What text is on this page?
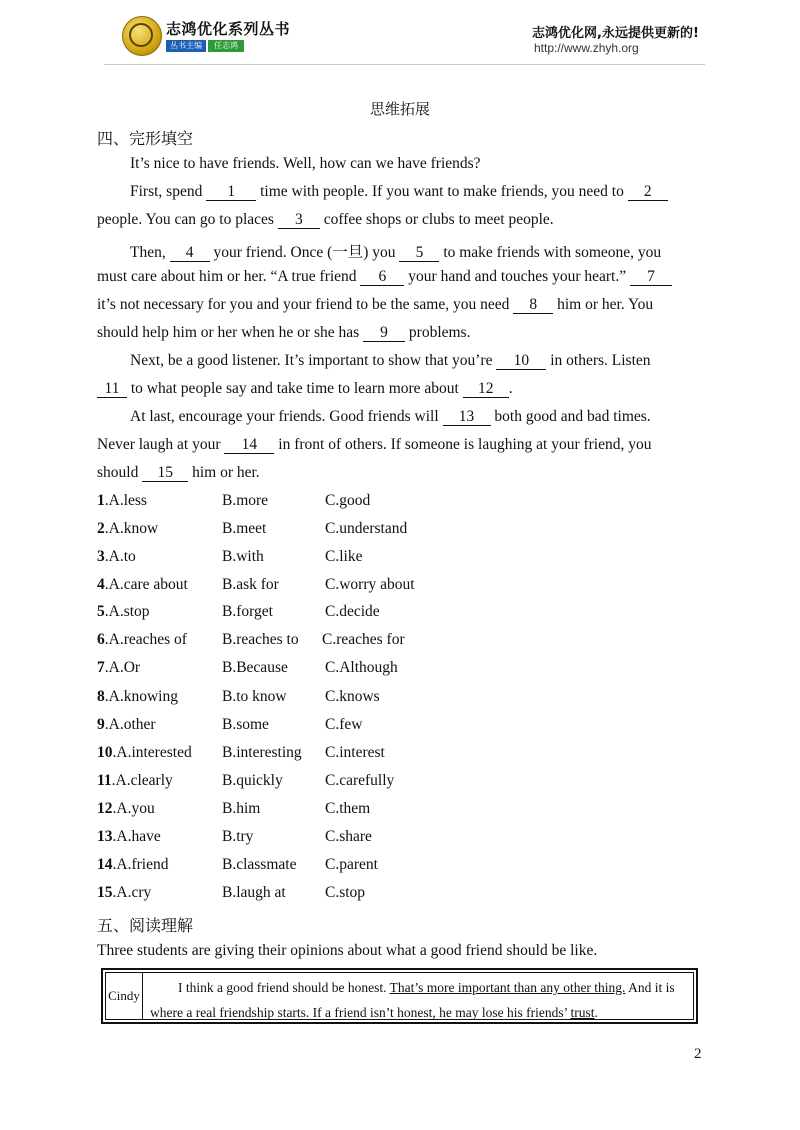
志鸿优化系列丛书
丛书主编	任志鸿
志鸿优化网,永远提供更新的!
http://www.zhyh.org
思维拓展
四、完形填空
It’s nice to have friends. Well, how can we have friends?
First, spend 1 time with people. If you want to make friends, you need to 2
people. You can go to places 3 coffee shops or clubs to meet people.
Then, 4 your friend. Once (一旦) you 5 to make friends with someone, you
must care about him or her. “A true friend 6 your hand and touches your heart.” 7
it’s not necessary for you and your friend to be the same, you need 8 him or her. You
should help him or her when he or she has 9 problems.
Next, be a good listener. It’s important to show that you’re 10 in others. Listen
11 to what people say and take time to learn more about 12 .
At last, encourage your friends. Good friends will 13 both good and bad times.
Never laugh at your 14 in front of others. If someone is laughing at your friend, you
should 15 him or her.
1.A.less	B.more	C.good
2.A.know	B.meet	C.understand
3.A.to	B.with	C.like
4.A.care about B.ask for	C.worry about
5.A.stop	B.forget	C.decide
6.A.reaches of B.reaches to C.reaches for
7.A.Or	B.Because C.Although
8.A.knowing	B.to know C.knows
9.A.other	B.some	C.few
10.A.interested B.interesting C.interest
11.A.clearly	B.quickly	C.carefully
12.A.you	B.him	C.them
13.A.have	B.try	C.share
14.A.friend	B.classmate C.parent
15.A.cry	B.laugh at	C.stop
五、阅读理解
Three students are giving their opinions about what a good friend should be like.
Cindy
I think a good friend should be honest. That’s more important than any other thing. And it is where a real friendship starts. If a friend isn’t honest, he may lose his friends’ trust.
2
